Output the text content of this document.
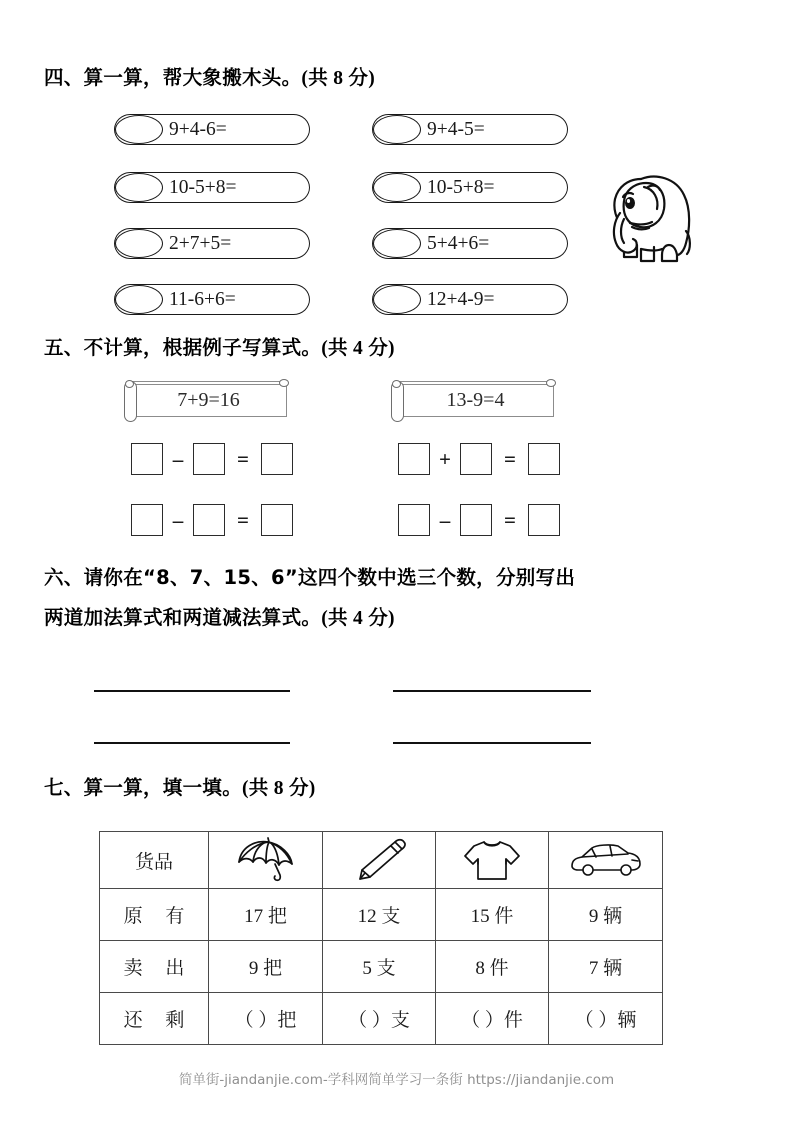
四、算一算，帮大象搬木头。(共 8 分)
9+4-6=
10-5+8=
2+7+5=
11-6+6=
9+4-5=
10-5+8=
5+4+6=
12+4-9=
五、不计算，根据例子写算式。(共 4 分)
7+9=16	13-9=4
–	=	+	=
–	=	–	=
六、请你在“8、7、15、6”这四个数中选三个数，分别写出
两道加法算式和两道减法算式。(共 4 分)
七、算一算，填一填。(共 8 分)
货品	

原 有	17 把	12 支	15 件	9 辆
卖 出	9 把	5 支	8 件	7 辆
还 剩	（ ）把	（ ）支	（ ）件	（ ）辆
简单街-jiandanjie.com-学科网简单学习一条街 https://jiandanjie.com
